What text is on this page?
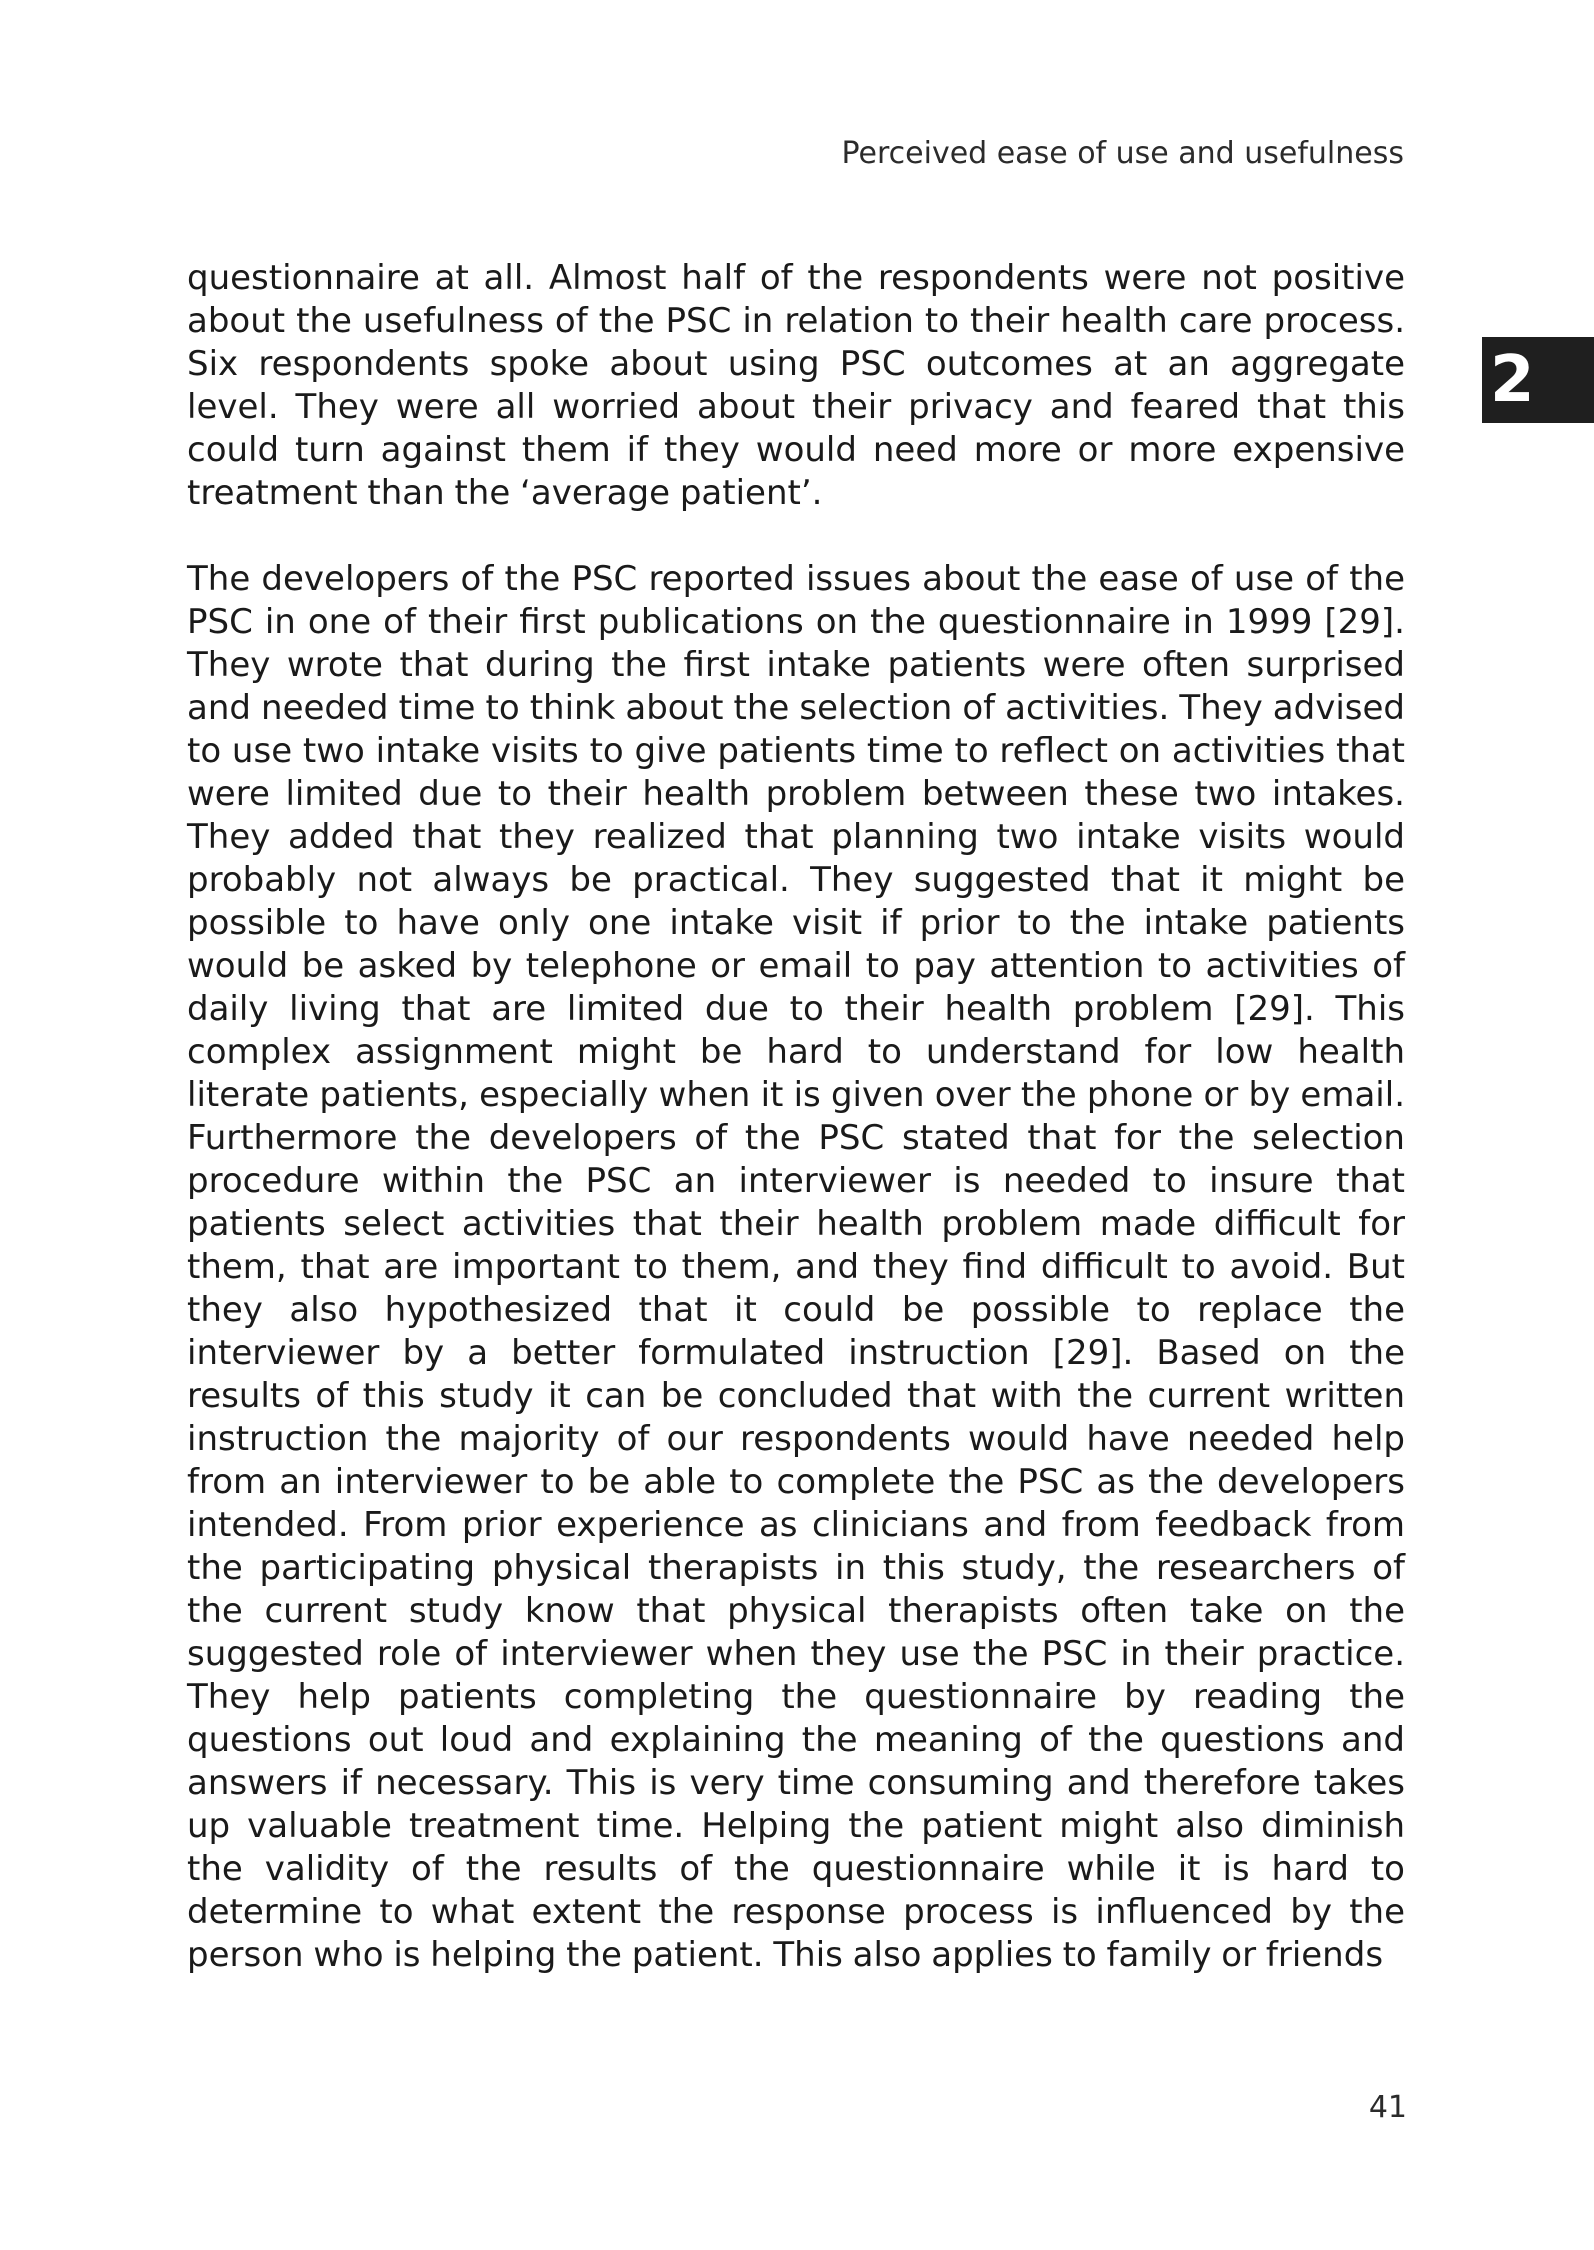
Perceived ease of use and usefulness
2

questionnaire at all. Almost half of the respondents were not positive about the usefulness of the PSC in relation to their health care process. Six respondents spoke about using PSC outcomes at an aggregate level. They were all worried about their privacy and feared that this could turn against them if they would need more or more expensive treatment than the ‘average patient’.

The developers of the PSC reported issues about the ease of use of the PSC in one of their first publications on the questionnaire in 1999 [29]. They wrote that during the first intake patients were often surprised and needed time to think about the selection of activities. They advised to use two intake visits to give patients time to reflect on activities that were limited due to their health problem between these two intakes. They added that they realized that planning two intake visits would probably not always be practical. They suggested that it might be possible to have only one intake visit if prior to the intake patients would be asked by telephone or email to pay attention to activities of daily living that are limited due to their health problem [29]. This complex assignment might be hard to understand for low health literate patients, especially when it is given over the phone or by email. Furthermore the developers of the PSC stated that for the selection procedure within the PSC an interviewer is needed to insure that patients select activities that their health problem made difficult for them, that are important to them, and they find difficult to avoid. But they also hypothesized that it could be possible to replace the interviewer by a better formulated instruction [29]. Based on the results of this study it can be concluded that with the current written instruction the majority of our respondents would have needed help from an interviewer to be able to complete the PSC as the developers intended. From prior experience as clinicians and from feedback from the participating physical therapists in this study, the researchers of the current study know that physical therapists often take on the suggested role of interviewer when they use the PSC in their practice. They help patients completing the questionnaire by reading the questions out loud and explaining the meaning of the questions and answers if necessary. This is very time consuming and therefore takes up valuable treatment time. Helping the patient might also diminish the validity of the results of the questionnaire while it is hard to determine to what extent the response process is influenced by the person who is helping the patient. This also applies to family or friends

41
